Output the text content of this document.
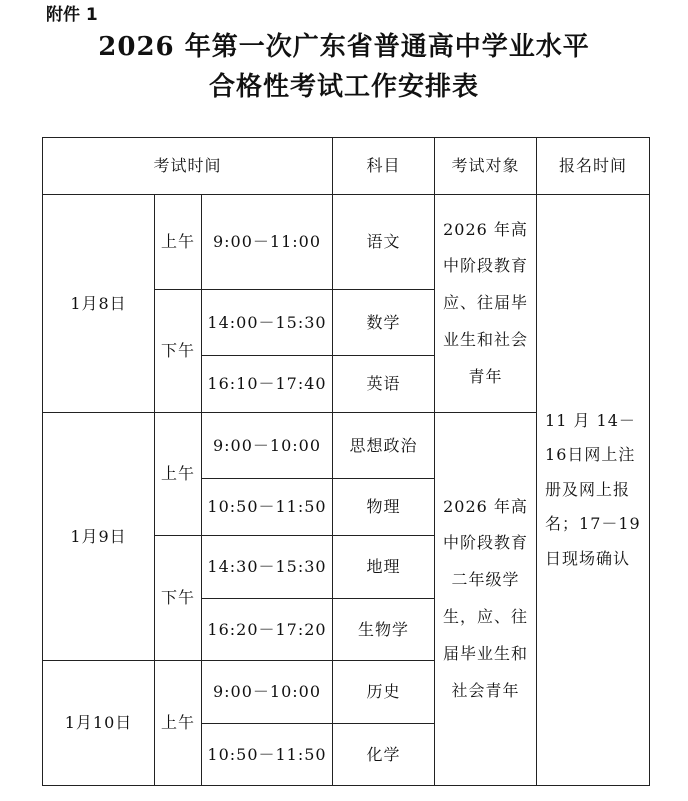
附件 1
2026 年第一次广东省普通高中学业水平
合格性考试工作安排表
考试时间			科目	考试对象	报名时间
1月8日	上午	9:00－11:00	语文	2026 年高中阶段教育应、往届毕业生和社会青年	11 月 14－16日网上注册及网上报名；17－19日现场确认
	下午	14:00－15:30	数学		
		16:10－17:40	英语		
1月9日	上午	9:00－10:00	思想政治	2026 年高中阶段教育二年级学生，应、往届毕业生和社会青年	
		10:50－11:50	物理		
	下午	14:30－15:30	地理		
		16:20－17:20	生物学		
1月10日	上午	9:00－10:00	历史		
		10:50－11:50	化学		
